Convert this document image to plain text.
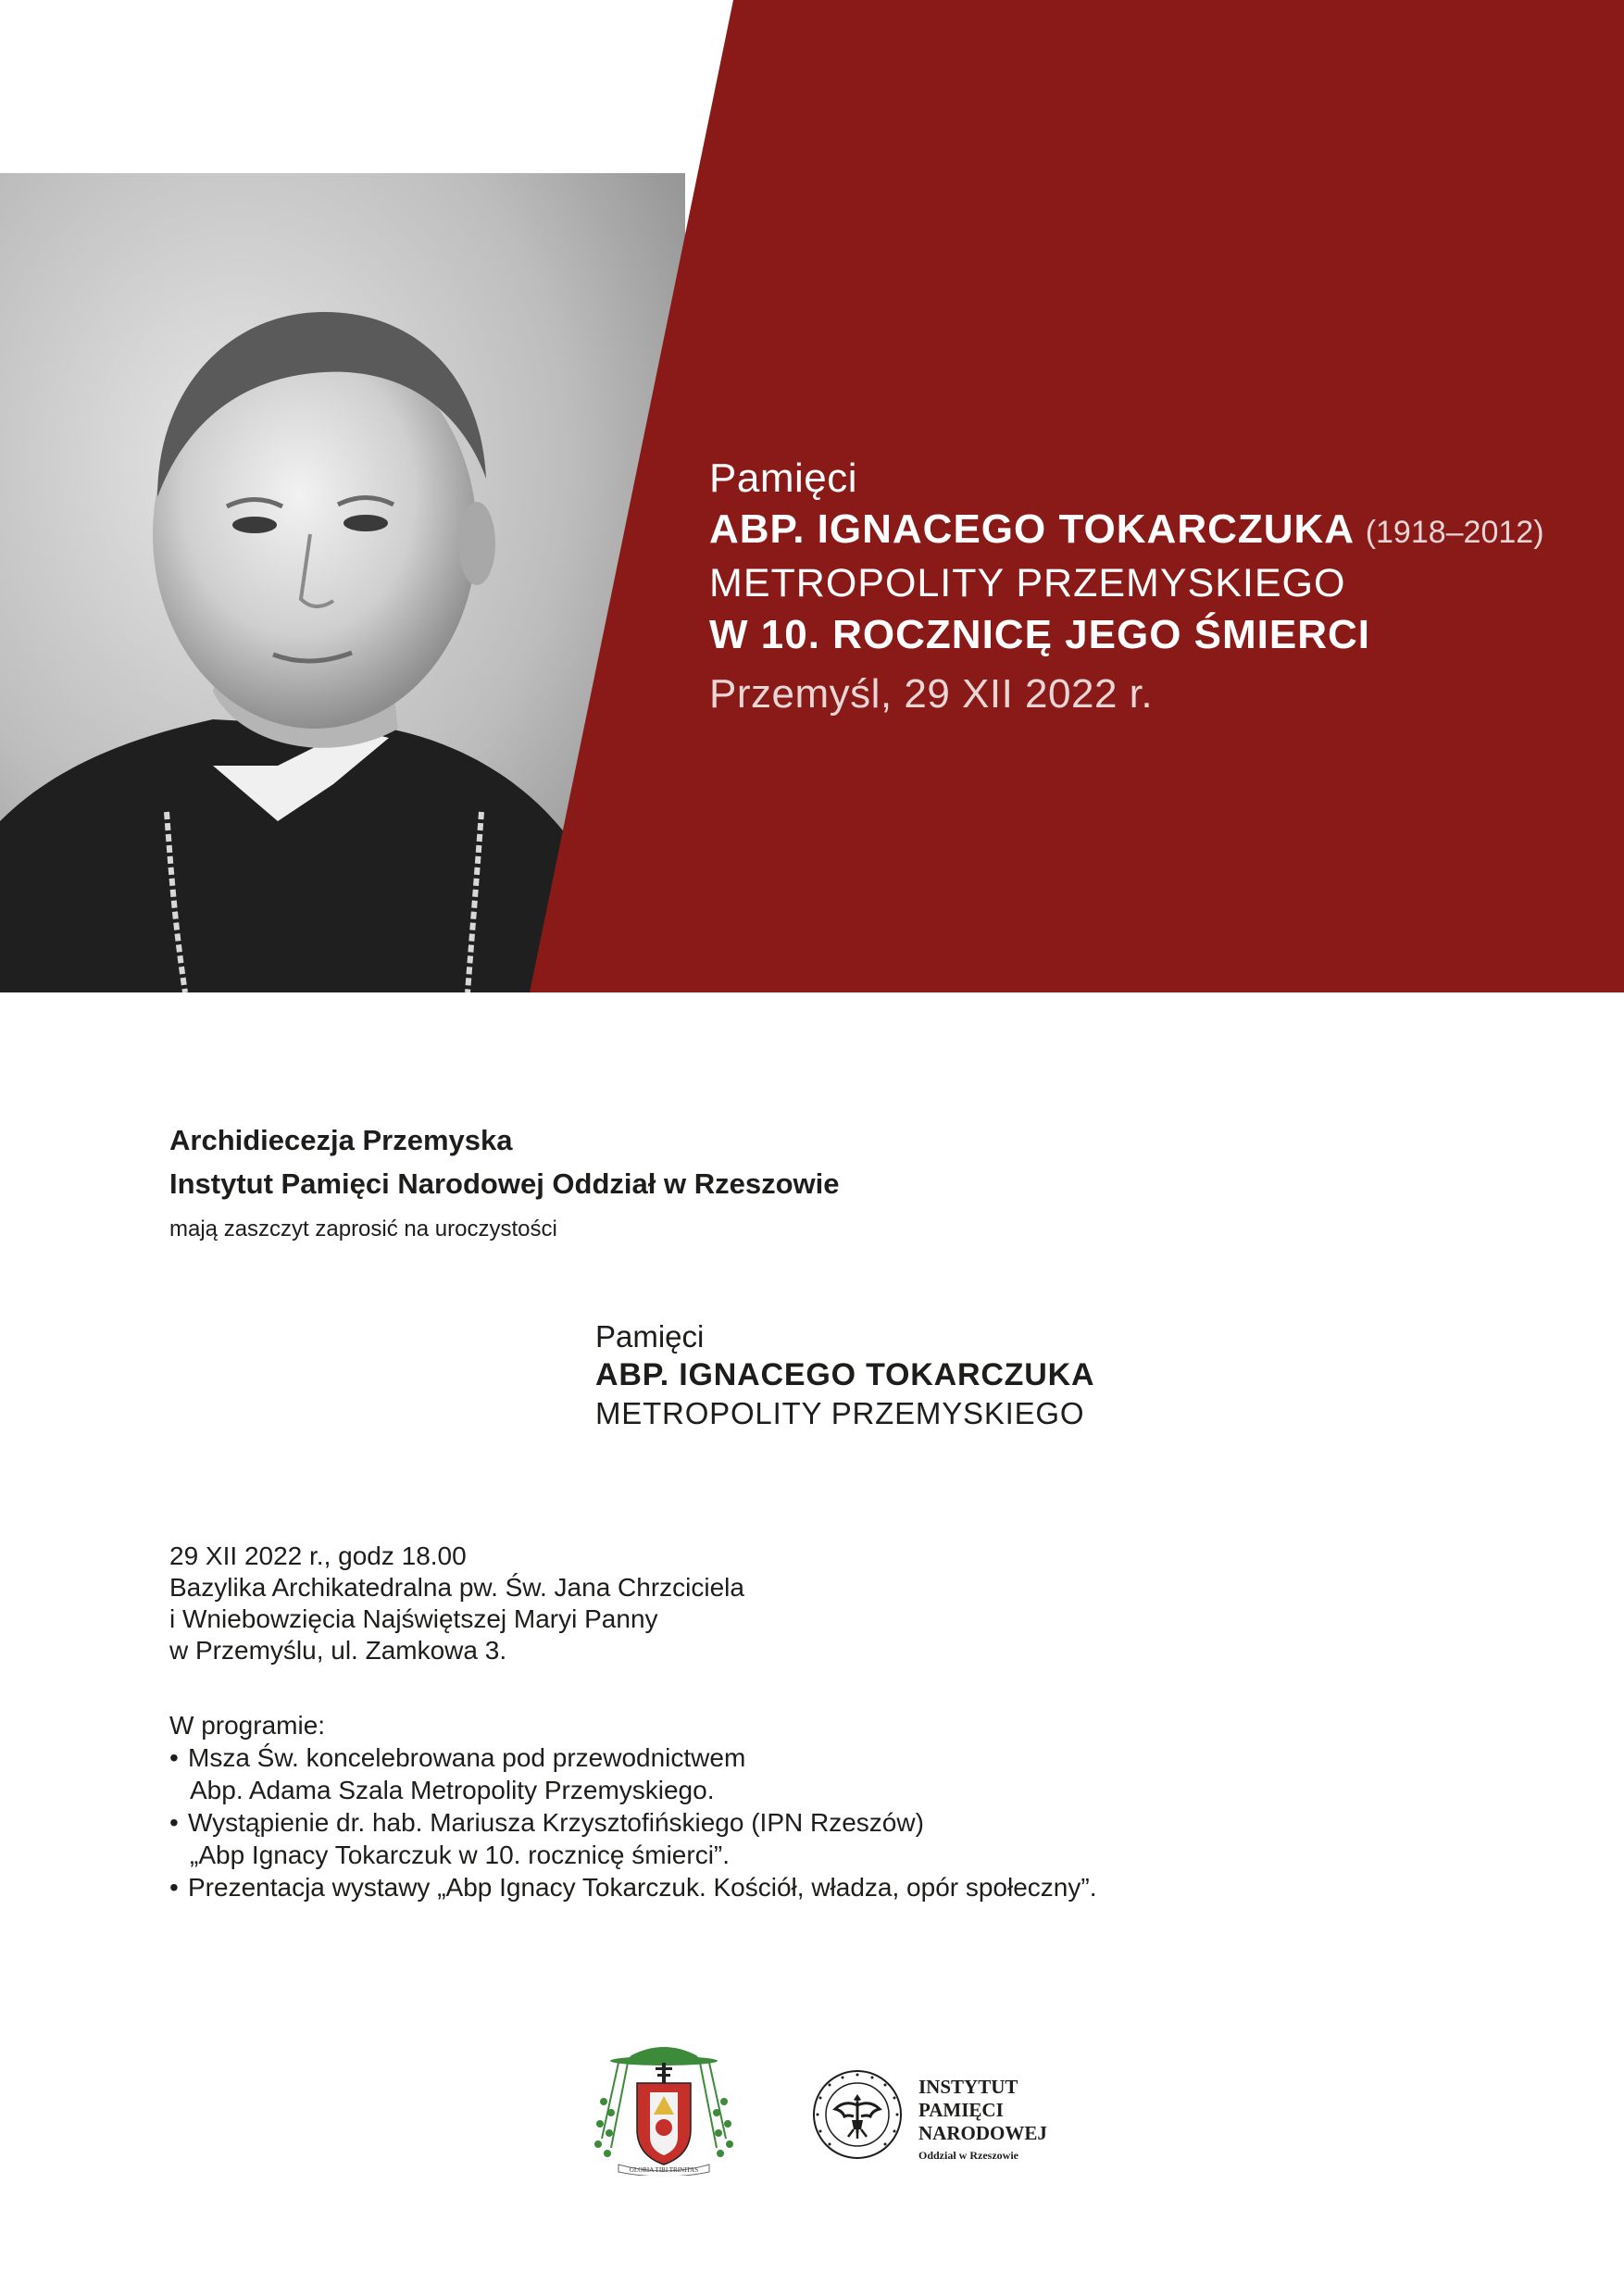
Pamięci
ABP. IGNACEGO TOKARCZUKA (1918–2012)
METROPOLITY PRZEMYSKIEGO
W 10. ROCZNICĘ JEGO ŚMIERCI
Przemyśl, 29 XII 2022 r.
Archidiecezja Przemyska
Instytut Pamięci Narodowej Oddział w Rzeszowie
mają zaszczyt zaprosić na uroczystości
Pamięci
ABP. IGNACEGO TOKARCZUKA
METROPOLITY PRZEMYSKIEGO
29 XII 2022 r., godz 18.00
Bazylika Archikatedralna pw. Św. Jana Chrzciciela
i Wniebowzięcia Najświętszej Maryi Panny
w Przemyślu, ul. Zamkowa 3.
W programie:
• Msza Św. koncelebrowana pod przewodnictwem
Abp. Adama Szala Metropolity Przemyskiego.
• Wystąpienie dr. hab. Mariusza Krzysztofińskiego (IPN Rzeszów)
„Abp Ignacy Tokarczuk w 10. rocznicę śmierci”.
• Prezentacja wystawy „Abp Ignacy Tokarczuk. Kościół, władza, opór społeczny”.
GLORIA TIBI TRINITAS
INSTYTUT
PAMIĘCI
NARODOWEJ
Oddział w Rzeszowie
